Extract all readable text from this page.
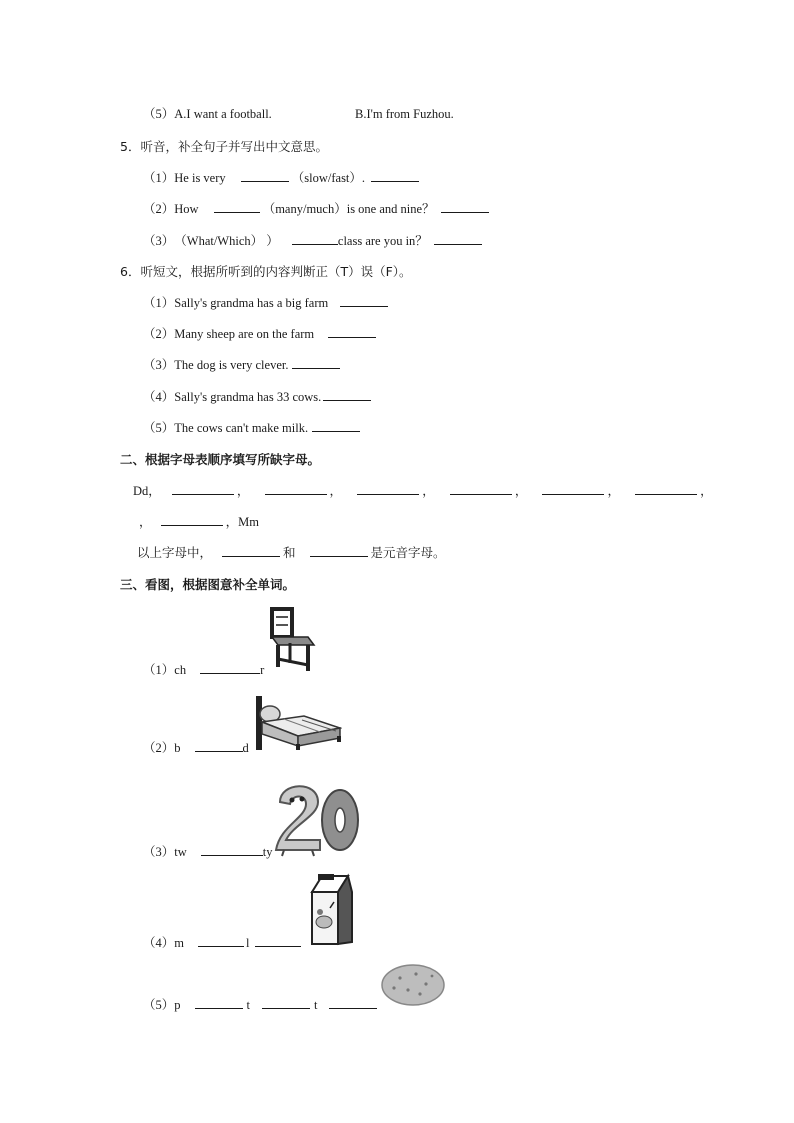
（5）A.I want a football.	B.I'm from Fuzhou.
5．听音，补全句子并写出中文意思。
（1）He is very	（slow/fast）.
（2）How	（many/much）is one and nine？
（3）（What/Which） ）	class are you in？
6．听短文，根据所听到的内容判断正（T）误（F）。
（1）Sally's grandma has a big farm
（2）Many sheep are on the farm
（3）The dog is very clever.
（4）Sally's grandma has 33 cows.
（5）The cows can't make milk.
二、根据字母表顺序填写所缺字母。
Dd，	，	，	，	，	，	，
，	，Mm
以上字母中，	和	是元音字母。
三、看图，根据图意补全单词。
（1）ch	r
（2）b	d
（3）tw	ty
（4）m	l
（5）p	t	t
